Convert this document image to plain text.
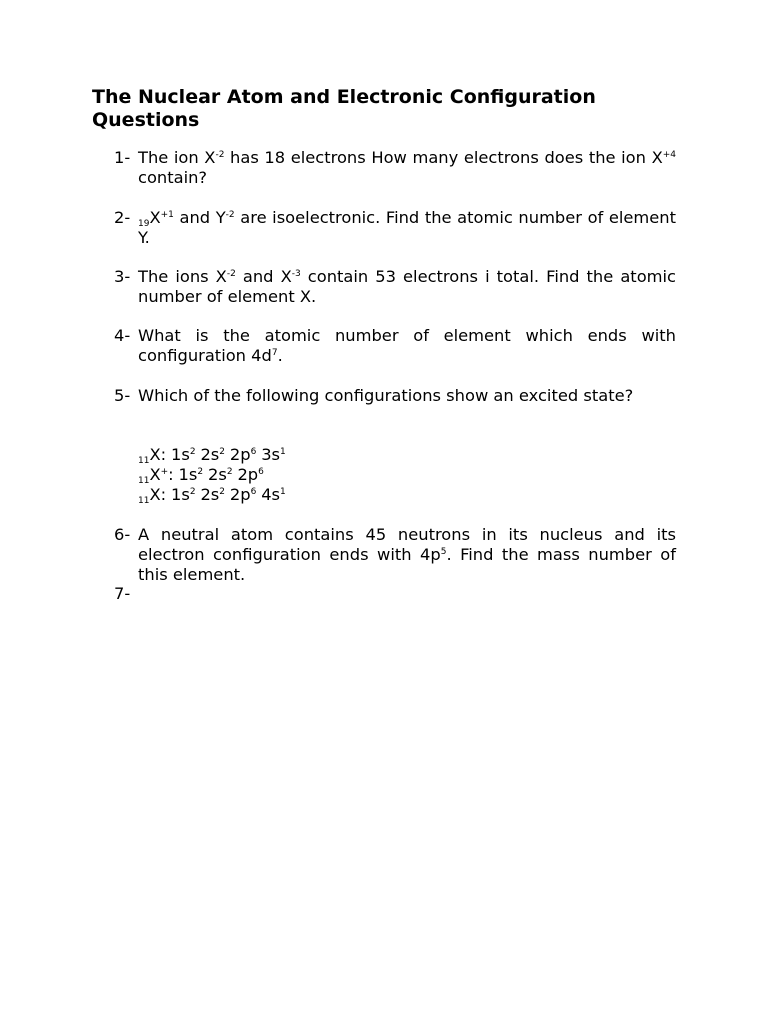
The Nuclear Atom and Electronic Configuration Questions
1- The ion $X^{-2}$ has 18 electrons How many electrons does the ion $X^{+4}$ contain?
2- $_{19}X^{+1}$ and $Y^{-2}$ are isoelectronic. Find the atomic number of element Y.
3- The ions $X^{-2}$ and $X^{-3}$ contain 53 electrons i total. Find the atomic number of element X.
4- What is the atomic number of element which ends with configuration $4d^7$.
5- Which of the following configurations show an excited state?
$_{11}$X: $1s^2$ $2s^2$ $2p^6$ $3s^1$
$_{11}$X+: $1s^2$ $2s^2$ $2p^6$
$_{11}$X: $1s^2$ $2s^2$ $2p^6$ $4s^1$
6- A neutral atom contains 45 neutrons in its nucleus and its electron configuration ends with $4p^5$. Find the mass number of this element.
7-
